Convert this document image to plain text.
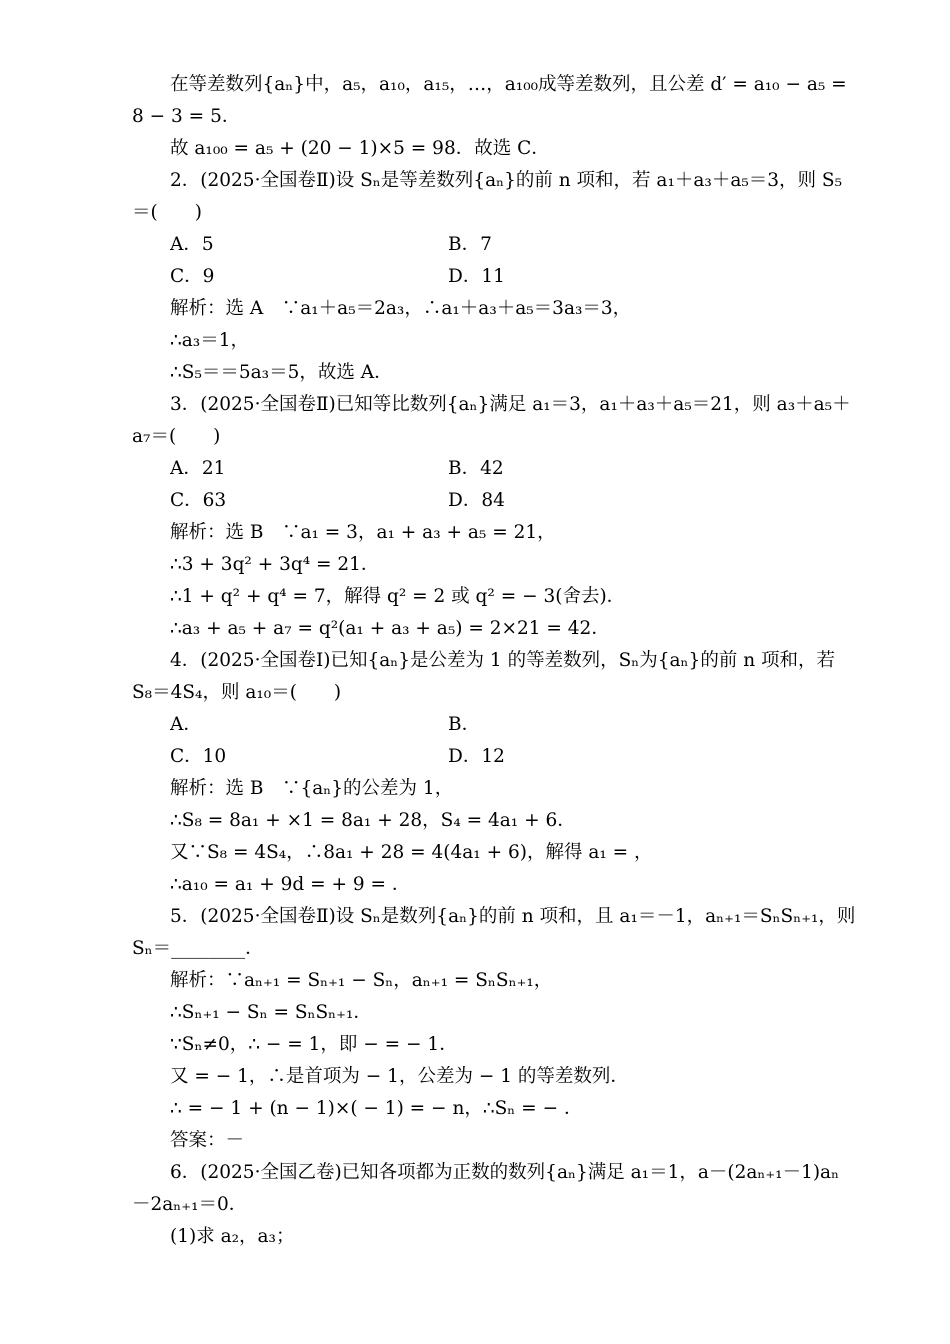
在等差数列{aₙ}中，a₅，a₁₀，a₁₅，…，a₁₀₀成等差数列，且公差 d′ = a₁₀ − a₅ =
8 − 3 = 5．
故 a₁₀₀ = a₅ + (20 − 1)×5 = 98．故选 C．
2．(2025·全国卷Ⅱ)设 Sₙ是等差数列{aₙ}的前 n 项和，若 a₁＋a₃＋a₅＝3，则 S₅
＝(　　)
A．5	B．7
C．9	D．11
解析：选 A　∵a₁＋a₅＝2a₃，∴a₁＋a₃＋a₅＝3a₃＝3，
∴a₃＝1，
∴S₅＝＝5a₃＝5，故选 A．
3．(2025·全国卷Ⅱ)已知等比数列{aₙ}满足 a₁＝3，a₁＋a₃＋a₅＝21，则 a₃＋a₅＋
a₇＝(　　)
A．21	B．42
C．63	D．84
解析：选 B　∵a₁ = 3，a₁ + a₃ + a₅ = 21，
∴3 + 3q² + 3q⁴ = 21．
∴1 + q² + q⁴ = 7，解得 q² = 2 或 q² = − 3(舍去)．
∴a₃ + a₅ + a₇ = q²(a₁ + a₃ + a₅) = 2×21 = 42．
4．(2025·全国卷Ⅰ)已知{aₙ}是公差为 1 的等差数列，Sₙ为{aₙ}的前 n 项和，若
S₈＝4S₄，则 a₁₀＝(　　)
A．	B．
C．10	D．12
解析：选 B　∵{aₙ}的公差为 1，
∴S₈ = 8a₁ + ×1 = 8a₁ + 28，S₄ = 4a₁ + 6．
又∵S₈ = 4S₄，∴8a₁ + 28 = 4(4a₁ + 6)，解得 a₁ = ，
∴a₁₀ = a₁ + 9d = + 9 = ．
5．(2025·全国卷Ⅱ)设 Sₙ是数列{aₙ}的前 n 项和，且 a₁＝－1，aₙ₊₁＝SₙSₙ₊₁，则
Sₙ＝________．
解析：∵aₙ₊₁ = Sₙ₊₁ − Sₙ，aₙ₊₁ = SₙSₙ₊₁，
∴Sₙ₊₁ − Sₙ = SₙSₙ₊₁．
∵Sₙ≠0，∴ − = 1，即 − = − 1．
又 = − 1，∴是首项为 − 1，公差为 − 1 的等差数列．
∴ = − 1 + (n − 1)×( − 1) = − n，∴Sₙ = − ．
答案：－
6．(2025·全国乙卷)已知各项都为正数的数列{aₙ}满足 a₁＝1，a－(2aₙ₊₁－1)aₙ
－2aₙ₊₁＝0．
(1)求 a₂，a₃；
